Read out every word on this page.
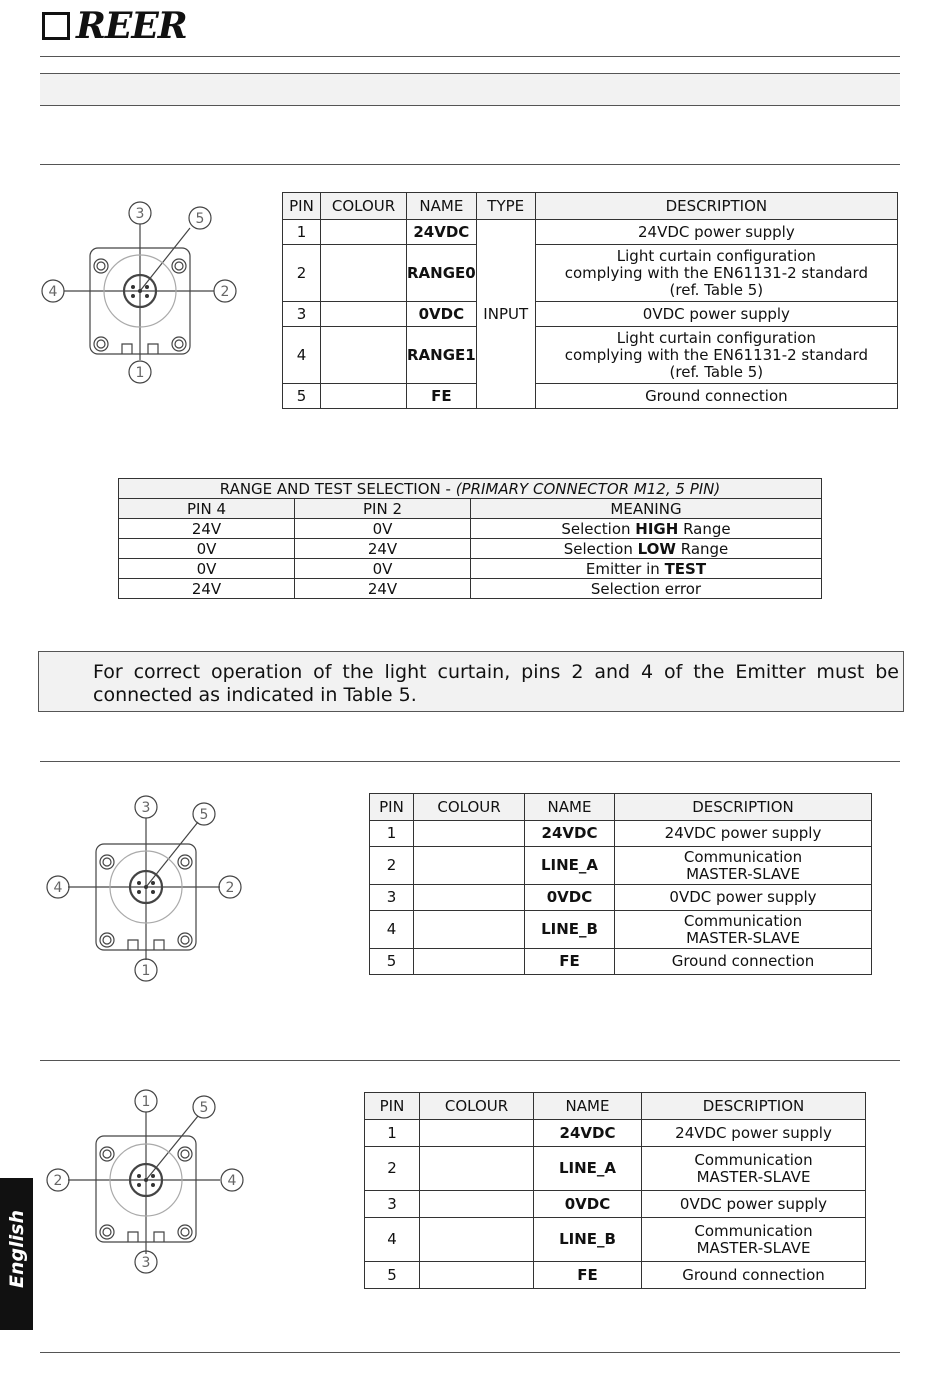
REER
3	5
4	2
1
PIN	COLOUR	NAME	TYPE	DESCRIPTION
1		24VDC	INPUT	24VDC power supply
2		RANGE0		Light curtain configuration
complying with the EN61131-2 standard
(ref. Table 5)

3		0VDC		0VDC power supply
4		RANGE1		Light curtain configuration
complying with the EN61131-2 standard
(ref. Table 5)

5		FE		Ground connection
RANGE AND TEST SELECTION - (PRIMARY CONNECTOR M12, 5 PIN)		
PIN 4	PIN 2	MEANING
24V	0V	Selection HIGH Range
0V	24V	Selection LOW Range
0V	0V	Emitter in TEST
24V	24V	Selection error
For correct operation of the light curtain, pins 2 and 4 of the Emitter must be connected as indicated in Table 5.
3	5
4	2
1
PIN	COLOUR	NAME	DESCRIPTION
1		24VDC	24VDC power supply
2		LINE_A	Communication
MASTER-SLAVE

3		0VDC	0VDC power supply
4		LINE_B	Communication
MASTER-SLAVE

5		FE	Ground connection
1	5
2	4
3
PIN	COLOUR	NAME	DESCRIPTION
1		24VDC	24VDC power supply
2		LINE_A	Communication
MASTER-SLAVE

3		0VDC	0VDC power supply
4		LINE_B	Communication
MASTER-SLAVE

5		FE	Ground connection
English
